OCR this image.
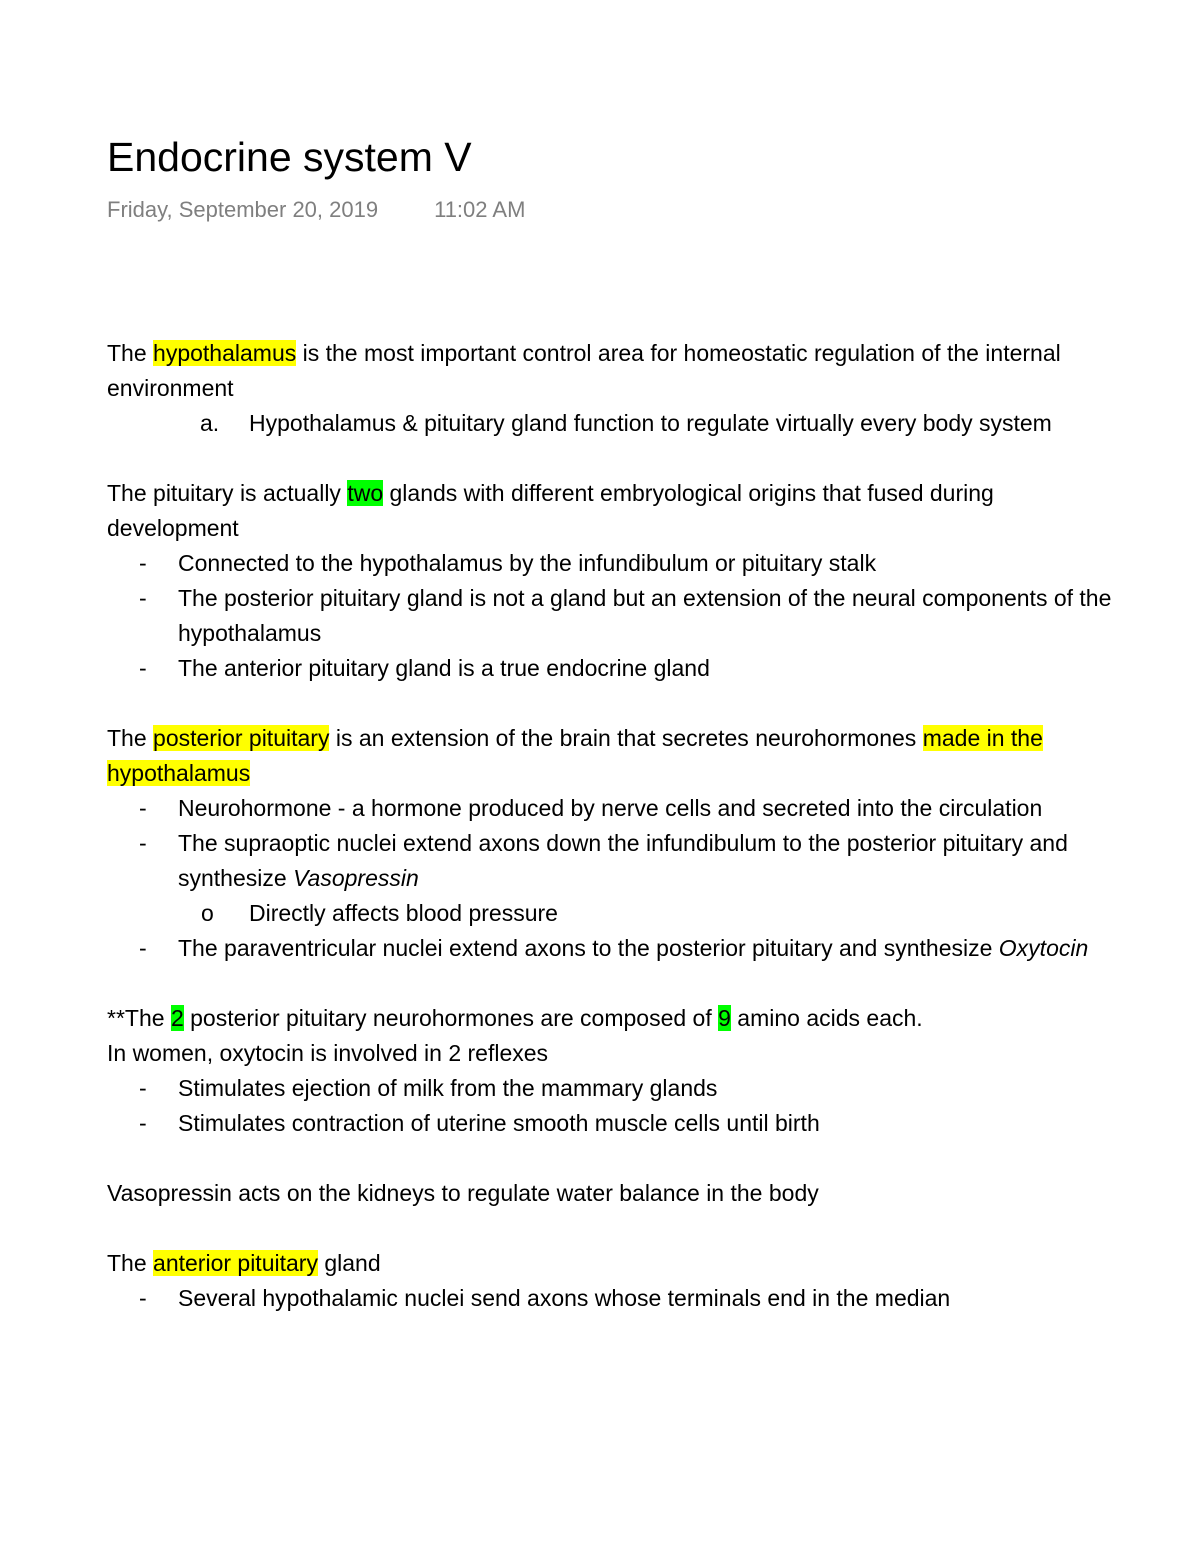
Endocrine system V
Friday, September 20, 2019	11:02 AM

The hypothalamus is the most important control area for homeostatic regulation of the internal environment

a. Hypothalamus & pituitary gland function to regulate virtually every body system

The pituitary is actually two glands with different embryological origins that fused during development

- Connected to the hypothalamus by the infundibulum or pituitary stalk
- The posterior pituitary gland is not a gland but an extension of the neural components of the hypothalamus
- The anterior pituitary gland is a true endocrine gland

The posterior pituitary is an extension of the brain that secretes neurohormones made in the hypothalamus

- Neurohormone - a hormone produced by nerve cells and secreted into the circulation
- The supraoptic nuclei extend axons down the infundibulum to the posterior pituitary and synthesize Vasopressin
o Directly affects blood pressure
- The paraventricular nuclei extend axons to the posterior pituitary and synthesize Oxytocin

**The 2 posterior pituitary neurohormones are composed of 9 amino acids each.

In women, oxytocin is involved in 2 reflexes

- Stimulates ejection of milk from the mammary glands
- Stimulates contraction of uterine smooth muscle cells until birth

Vasopressin acts on the kidneys to regulate water balance in the body

The anterior pituitary gland

- Several hypothalamic nuclei send axons whose terminals end in the median
